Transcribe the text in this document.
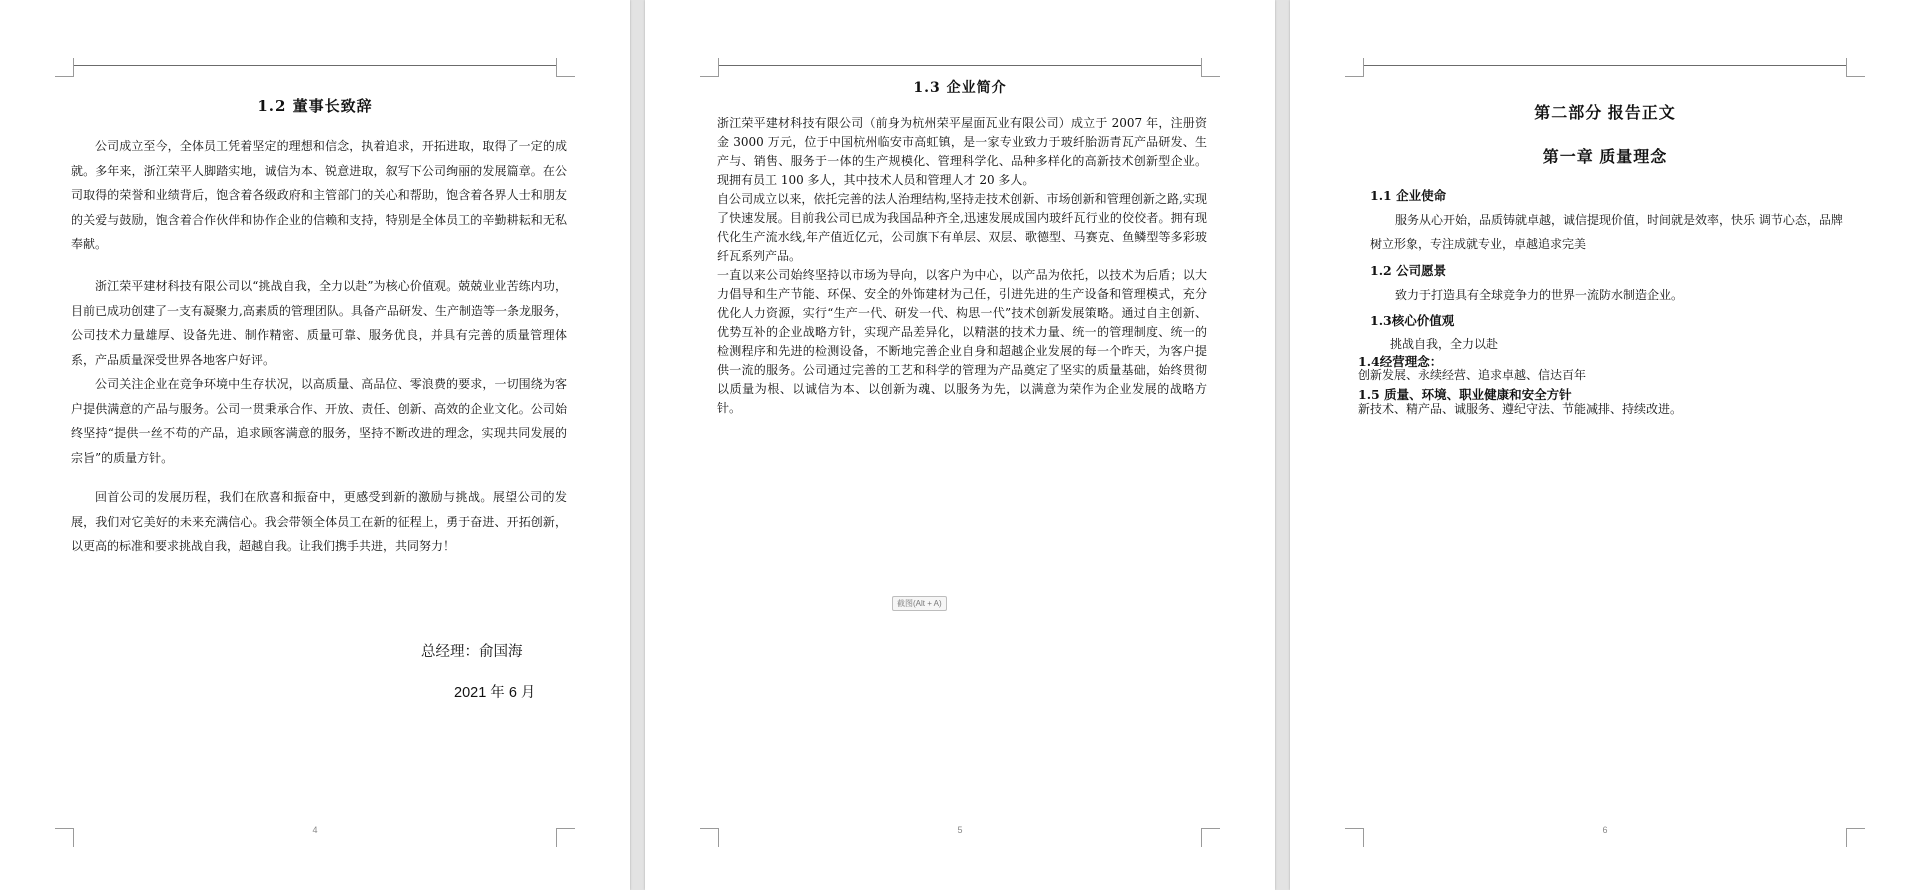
1.2 董事长致辞

公司成立至今，全体员工凭着坚定的理想和信念，执着追求，开拓进取，取得了一定的成就。多年来，浙江荣平人脚踏实地，诚信为本、锐意进取，叙写下公司绚丽的发展篇章。在公司取得的荣誉和业绩背后，饱含着各级政府和主管部门的关心和帮助，饱含着各界人士和朋友的关爱与鼓励，饱含着合作伙伴和协作企业的信赖和支持，特别是全体员工的辛勤耕耘和无私奉献。

浙江荣平建材科技有限公司以“挑战自我，全力以赴”为核心价值观。兢兢业业苦练内功，目前已成功创建了一支有凝聚力,高素质的管理团队。具备产品研发、生产制造等一条龙服务，公司技术力量雄厚、设备先进、制作精密、质量可靠、服务优良，并具有完善的质量管理体系，产品质量深受世界各地客户好评。

公司关注企业在竞争环境中生存状况，以高质量、高品位、零浪费的要求，一切围绕为客户提供满意的产品与服务。公司一贯秉承合作、开放、责任、创新、高效的企业文化。公司始终坚持“提供一丝不苟的产品，追求顾客满意的服务，坚持不断改进的理念，实现共同发展的宗旨”的质量方针。

回首公司的发展历程，我们在欣喜和振奋中，更感受到新的激励与挑战。展望公司的发展，我们对它美好的未来充满信心。我会带领全体员工在新的征程上，勇于奋进、开拓创新，以更高的标准和要求挑战自我，超越自我。让我们携手共进，共同努力！

总经理：俞国海
2021 年 6 月
4
1.3 企业简介

浙江荣平建材科技有限公司（前身为杭州荣平屋面瓦业有限公司）成立于 2007 年，注册资金 3000 万元，位于中国杭州临安市高虹镇，是一家专业致力于玻纤胎沥青瓦产品研发、生产与、销售、服务于一体的生产规模化、管理科学化、品种多样化的高新技术创新型企业。现拥有员工 100 多人，其中技术人员和管理人才 20 多人。

自公司成立以来，依托完善的法人治理结构,坚持走技术创新、市场创新和管理创新之路,实现了快速发展。目前我公司已成为我国品种齐全,迅速发展成国内玻纤瓦行业的佼佼者。拥有现代化生产流水线,年产值近亿元，公司旗下有单层、双层、歌德型、马赛克、鱼鳞型等多彩玻纤瓦系列产品。

一直以来公司始终坚持以市场为导向，以客户为中心，以产品为依托，以技术为后盾；以大力倡导和生产节能、环保、安全的外饰建材为己任，引进先进的生产设备和管理模式，充分优化人力资源，实行“生产一代、研发一代、构思一代”技术创新发展策略。通过自主创新、优势互补的企业战略方针，实现产品差异化，以精湛的技术力量、统一的管理制度、统一的检测程序和先进的检测设备，不断地完善企业自身和超越企业发展的每一个昨天，为客户提供一流的服务。公司通过完善的工艺和科学的管理为产品奠定了坚实的质量基础，始终贯彻以质量为根、以诚信为本、以创新为魂、以服务为先，以满意为荣作为企业发展的战略方针。

5
截图(Alt + A)
第二部分 报告正文
第一章 质量理念
1.1 企业使命
服务从心开始，品质铸就卓越，诚信提现价值，时间就是效率，快乐 调节心态，品牌树立形象，专注成就专业，卓越追求完美
1.2 公司愿景
致力于打造具有全球竞争力的世界一流防水制造企业。
1.3核心价值观
挑战自我，全力以赴
1.4经营理念：
创新发展、永续经营、追求卓越、信达百年
1.5 质量、环境、职业健康和安全方针
新技术、精产品、诚服务、遵纪守法、节能减排、持续改进。
6
